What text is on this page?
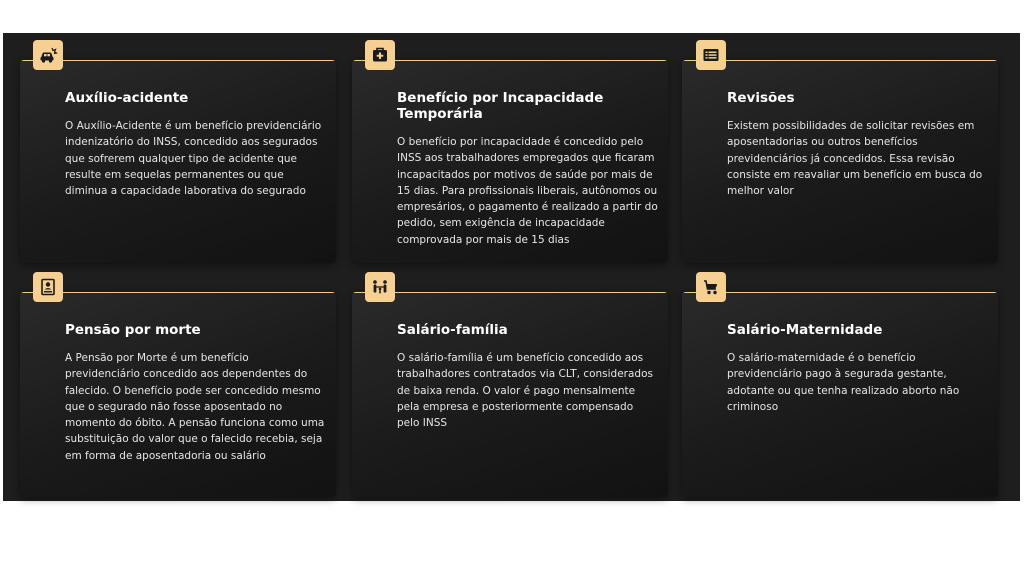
Auxílio-acidente

O Auxílio-Acidente é um benefício previdenciário indenizatório do INSS, concedido aos segurados que sofrerem qualquer tipo de acidente que resulte em sequelas permanentes ou que diminua a capacidade laborativa do segurado

Benefício por Incapacidade Temporária

O benefício por incapacidade é concedido pelo INSS aos trabalhadores empregados que ficaram incapacitados por motivos de saúde por mais de 15 dias. Para profissionais liberais, autônomos ou empresários, o pagamento é realizado a partir do pedido, sem exigência de incapacidade comprovada por mais de 15 dias

Revisões

Existem possibilidades de solicitar revisões em aposentadorias ou outros benefícios previdenciários já concedidos. Essa revisão consiste em reavaliar um benefício em busca do melhor valor

Pensão por morte

A Pensão por Morte é um benefício previdenciário concedido aos dependentes do falecido. O benefício pode ser concedido mesmo que o segurado não fosse aposentado no momento do óbito. A pensão funciona como uma substituição do valor que o falecido recebia, seja em forma de aposentadoria ou salário

Salário-família

O salário-família é um benefício concedido aos trabalhadores contratados via CLT, considerados de baixa renda. O valor é pago mensalmente pela empresa e posteriormente compensado pelo INSS

Salário-Maternidade

O salário-maternidade é o benefício previdenciário pago à segurada gestante, adotante ou que tenha realizado aborto não criminoso
